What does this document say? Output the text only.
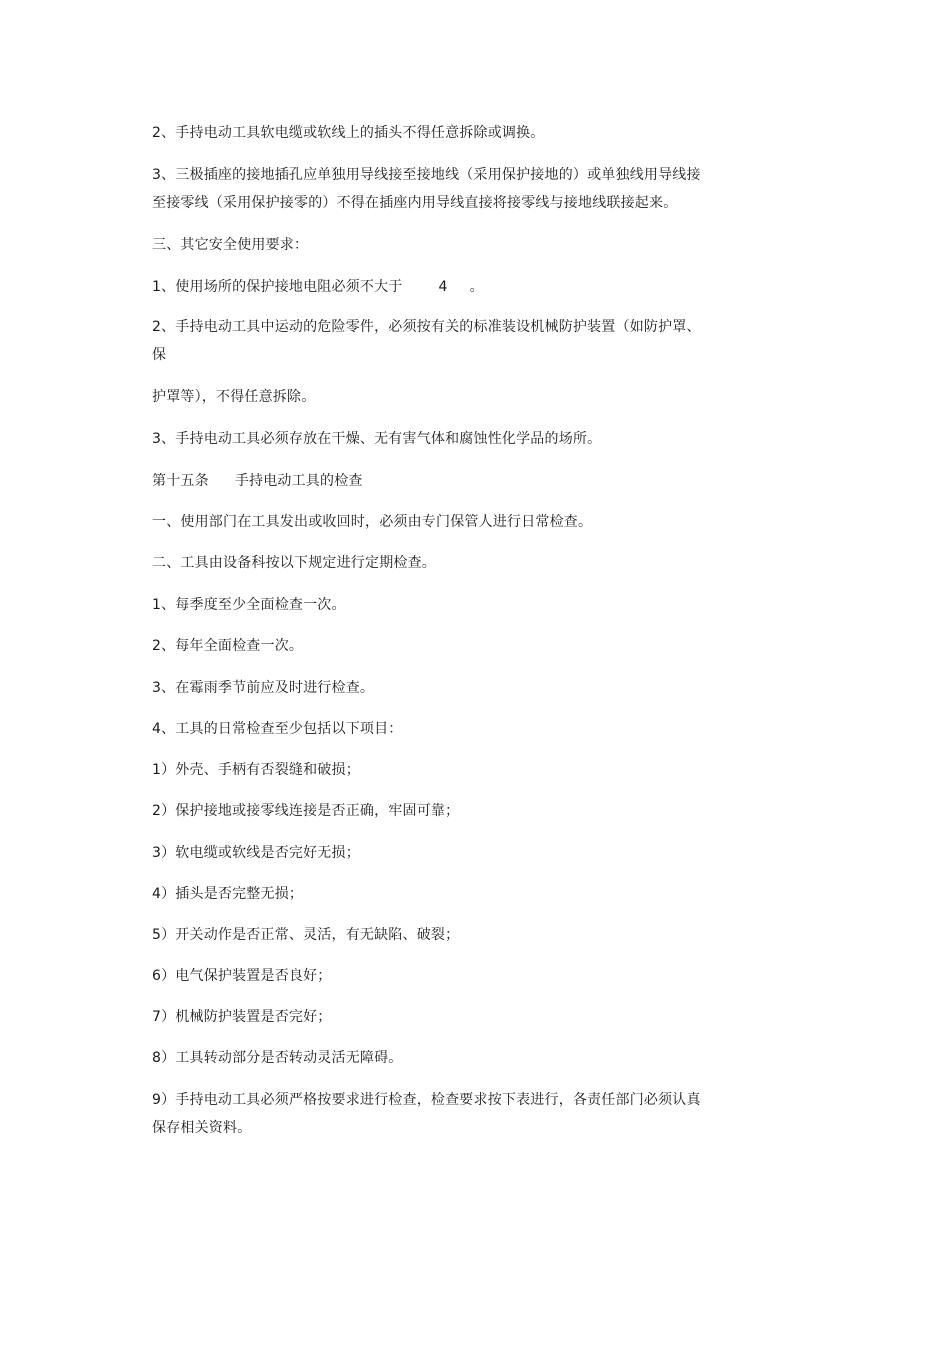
2、手持电动工具软电缆或软线上的插头不得任意拆除或调换。
3、三极插座的接地插孔应单独用导线接至接地线（采用保护接地的）或单独线用导线接
至接零线（采用保护接零的）不得在插座内用导线直接将接零线与接地线联接起来。
三、其它安全使用要求：
1、使用场所的保护接地电阻必须不大于	4 。
2、手持电动工具中运动的危险零件，必须按有关的标准装设机械防护装置（如防护罩、
保
护罩等），不得任意拆除。
3、手持电动工具必须存放在干燥、无有害气体和腐蚀性化学品的场所。
第十五条 手持电动工具的检查
一、使用部门在工具发出或收回时，必须由专门保管人进行日常检查。
二、工具由设备科按以下规定进行定期检查。
1、每季度至少全面检查一次。
2、每年全面检查一次。
3、在霉雨季节前应及时进行检查。
4、工具的日常检查至少包括以下项目：
1）外壳、手柄有否裂缝和破损；
2）保护接地或接零线连接是否正确，牢固可靠；
3）软电缆或软线是否完好无损；
4）插头是否完整无损；
5）开关动作是否正常、灵活，有无缺陷、破裂；
6）电气保护装置是否良好；
7）机械防护装置是否完好；
8）工具转动部分是否转动灵活无障碍。
9）手持电动工具必须严格按要求进行检查，检查要求按下表进行，各责任部门必须认真
保存相关资料。
